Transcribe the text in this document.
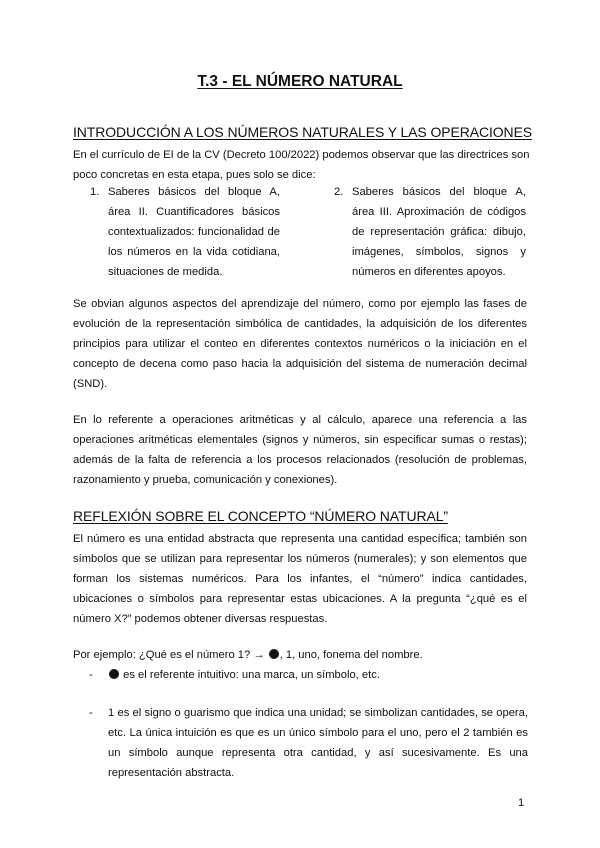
T.3 - EL NÚMERO NATURAL
INTRODUCCIÓN A LOS NÚMEROS NATURALES Y LAS OPERACIONES
En el currículo de EI de la CV (Decreto 100/2022) podemos observar que las directrices son
poco concretas en esta etapa, pues solo se dice:
1. Saberes básicos del bloque A, área II. Cuantificadores básicos contextualizados: funcionalidad de los números en la vida cotidiana, situaciones de medida.
2. Saberes básicos del bloque A, área III. Aproximación de códigos de representación gráfica: dibujo, imágenes, símbolos, signos y números en diferentes apoyos.
Se obvian algunos aspectos del aprendizaje del número, como por ejemplo las fases de evolución de la representación simbólica de cantidades, la adquisición de los diferentes principios para utilizar el conteo en diferentes contextos numéricos o la iniciación en el concepto de decena como paso hacia la adquisición del sistema de numeración decimal (SND).
En lo referente a operaciones aritméticas y al cálculo, aparece una referencia a las operaciones aritméticas elementales (signos y números, sin especificar sumas o restas); además de la falta de referencia a los procesos relacionados (resolución de problemas, razonamiento y prueba, comunicación y conexiones).
REFLEXIÓN SOBRE EL CONCEPTO “NÚMERO NATURAL”
El número es una entidad abstracta que representa una cantidad específica; también son símbolos que se utilizan para representar los números (numerales); y son elementos que forman los sistemas numéricos. Para los infantes, el “número” indica cantidades, ubicaciones o símbolos para representar estas ubicaciones. A la pregunta “¿qué es el número X?” podemos obtener diversas respuestas.
Por ejemplo: ¿Qué es el número 1? → , 1, uno, fonema del nombre.
-	es el referente intuitivo: una marca, un símbolo, etc.
- 1 es el signo o guarismo que indica una unidad; se simbolizan cantidades, se opera, etc. La única intuición es que es un único símbolo para el uno, pero el 2 también es un símbolo aunque representa otra cantidad, y así sucesivamente. Es una representación abstracta.
1
